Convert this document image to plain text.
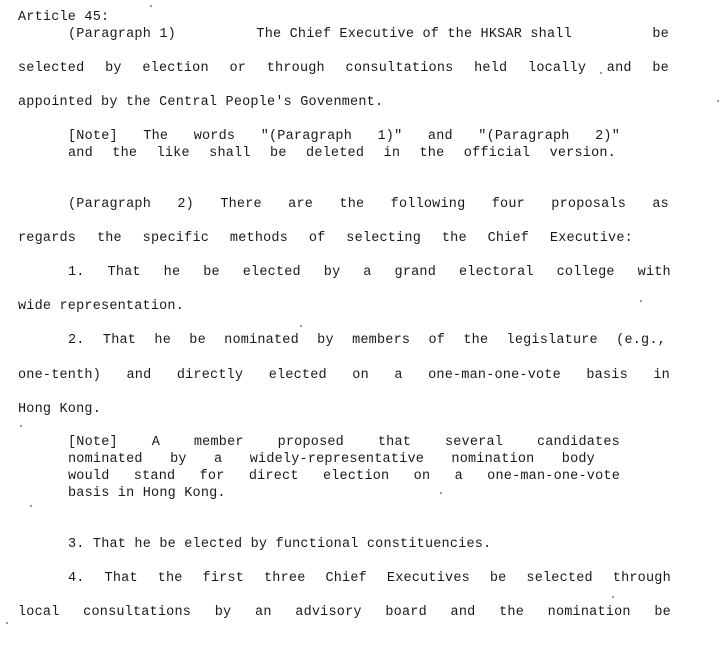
Article 45:
(Paragraph 1)	The Chief Executive of the HKSAR shall	be
selected by election or through consultations held locally and be
appointed by the Central People's Govenment.
[Note] The words "(Paragraph 1)" and "(Paragraph 2)"
and the like shall be deleted in the official version.
(Paragraph 2) There are the following four proposals as
regards the specific methods of selecting the Chief Executive:
1. That he be elected by a grand electoral college with
wide representation.
2. That he be nominated by members of the legislature (e.g.,
one-tenth) and directly elected on a one-man-one-vote basis in
Hong Kong.
[Note]	A	member	proposed	that	several	candidates
nominated by a widely-representative nomination body
would stand for direct election on a one-man-one-vote
basis in Hong Kong.
3. That he be elected by functional constituencies.
4. That the first three Chief Executives be selected through
local consultations by an advisory board and the nomination be
